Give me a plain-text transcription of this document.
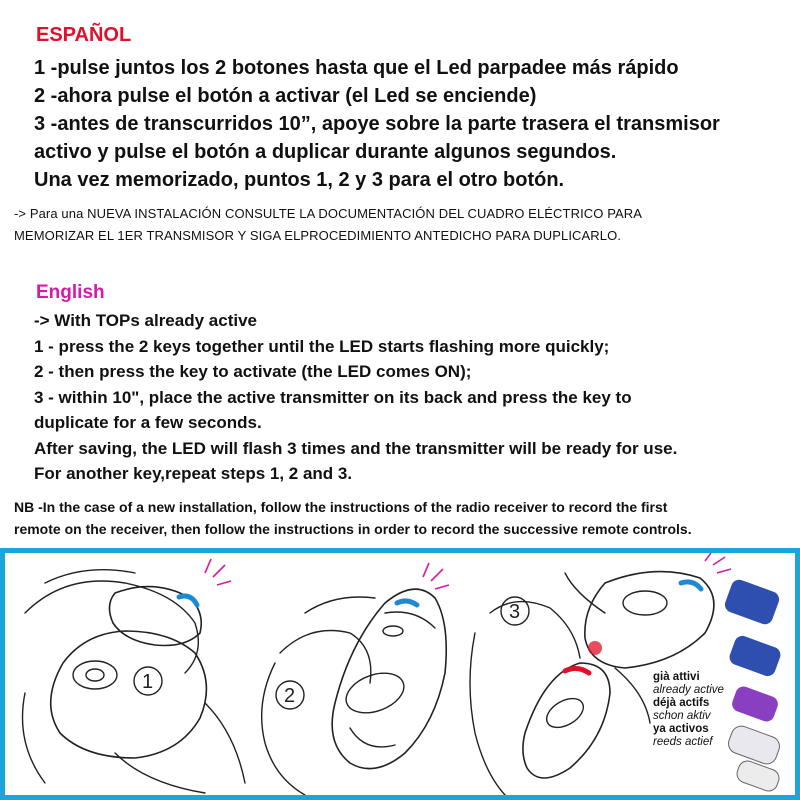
ESPAÑOL
1 -pulse juntos los 2 botones hasta que el Led parpadee más rápido
2 -ahora pulse el botón a activar (el Led se enciende)
3 -antes de transcurridos 10”, apoye sobre la parte trasera el transmisor
activo y pulse el botón a duplicar durante algunos segundos.
Una vez memorizado, puntos 1, 2 y 3 para el otro botón.
-> Para una NUEVA INSTALACIÓN CONSULTE LA DOCUMENTACIÓN DEL CUADRO ELÉCTRICO PARA
MEMORIZAR EL 1ER TRANSMISOR Y SIGA ELPROCEDIMIENTO ANTEDICHO PARA DUPLICARLO.
English
-> With TOPs already active
1 - press the 2 keys together until the LED starts flashing more quickly;
2 - then press the key to activate (the LED comes ON);
3 - within 10", place the active transmitter on its back and press the key to
duplicate for a few seconds.
After saving, the LED will flash 3 times and the transmitter will be ready for use.
For another key,repeat steps 1, 2 and 3.
NB -In the case of a new installation, follow the instructions of the radio receiver to record the first
remote on the receiver, then follow the instructions in order to record the successive remote controls.
1
2
3
già attivi
already active
déjà actifs
schon aktiv
ya activos
reeds actief
